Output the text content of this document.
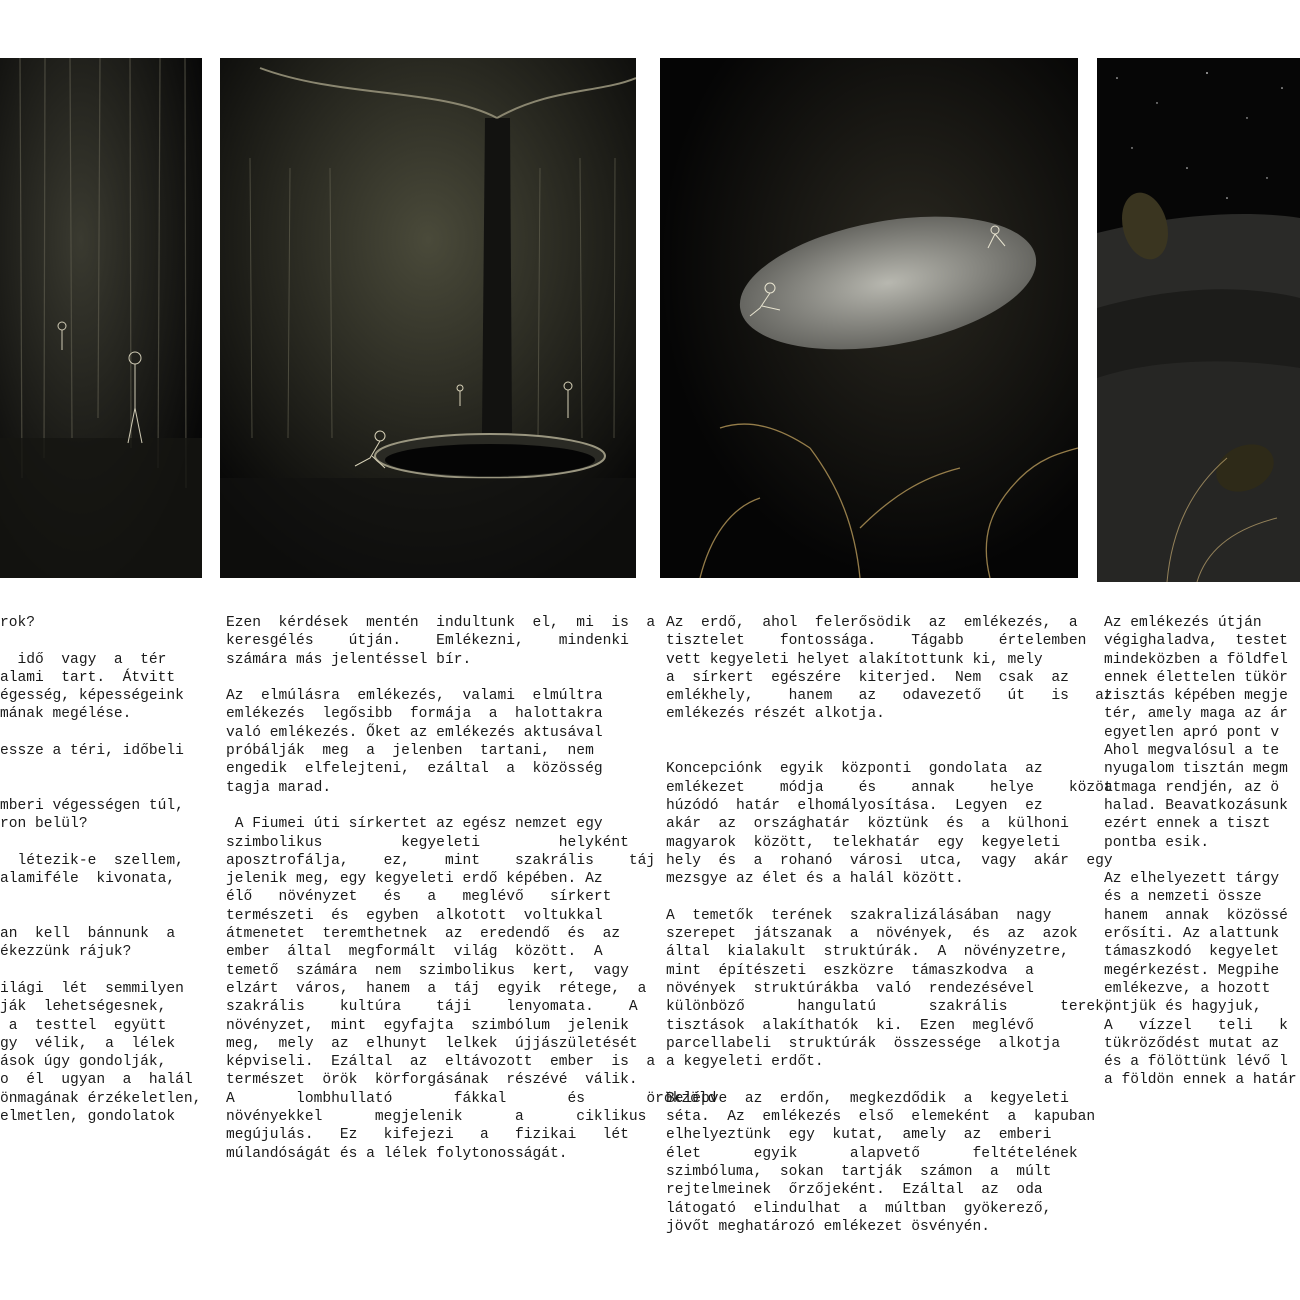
rok?

idő  vagy  a  tér

alami  tart.  Átvitt

égesség, képességeink

mának megélése.

essze a téri, időbeli

mberi végességen túl,

ron belül?

létezik-e  szellem,

alamiféle  kivonata,

an  kell  bánnunk  a

ékezzünk rájuk?

ilági  lét  semmilyen

ják  lehetségesnek,

a  testtel  együtt

gy  vélik,  a  lélek

ások úgy gondolják,

o  él  ugyan  a  halál

önmagának érzékeletlen,

elmetlen, gondolatok

Ezen  kérdések  mentén  indultunk  el,  mi  is  a

keresgélés    útján.    Emlékezni,    mindenki

számára más jelentéssel bír.

Az  elmúlásra  emlékezés,  valami  elmúltra

emlékezés  legősibb  formája  a  halottakra

való emlékezés. Őket az emlékezés aktusával

próbálják  meg  a  jelenben  tartani,  nem

engedik  elfelejteni,  ezáltal  a  közösség

tagja marad.

A Fiumei úti sírkertet az egész nemzet egy

szimbolikus         kegyeleti         helyként

aposztrofálja,    ez,    mint    szakrális    táj

jelenik meg, egy kegyeleti erdő képében. Az

élő   növényzet   és   a   meglévő   sírkert

természeti  és  egyben  alkotott  voltukkal

átmenetet  teremthetnek  az  eredendő  és  az

ember  által  megformált  világ  között.  A

temető  számára  nem  szimbolikus  kert,  vagy

elzárt  város,  hanem  a  táj  egyik  rétege,  a

szakrális    kultúra    táji    lenyomata.    A

növényzet,  mint  egyfajta  szimbólum  jelenik

meg,  mely  az  elhunyt  lelkek  újjászületését

képviseli.  Ezáltal  az  eltávozott  ember  is  a

természet  örök  körforgásának  részévé  válik.

A       lombhullató       fákkal       és       örökzöld

növényekkel      megjelenik      a      ciklikus

megújulás.   Ez   kifejezi   a   fizikai   lét

múlandóságát és a lélek folytonosságát.

Az  erdő,  ahol  felerősödik  az  emlékezés,  a

tisztelet    fontossága.    Tágabb    értelemben

vett kegyeleti helyet alakítottunk ki, mely

a  sírkert  egészére  kiterjed.  Nem  csak  az

emlékhely,    hanem   az   odavezető   út   is   az

emlékezés részét alkotja.

Koncepciónk  egyik  központi  gondolata  az

emlékezet    módja    és    annak    helye    között

húzódó  határ  elhomályosítása.  Legyen  ez

akár  az  országhatár  köztünk  és  a  külhoni

magyarok  között,  telekhatár  egy  kegyeleti

hely  és  a  rohanó  városi  utca,  vagy  akár  egy

mezsgye az élet és a halál között.

A  temetők  terének  szakralizálásában  nagy

szerepet  játszanak  a  növények,  és  az  azok

által  kialakult  struktúrák.  A  növényzetre,

mint  építészeti  eszközre  támaszkodva  a

növények  struktúrákba  való  rendezésével

különböző      hangulatú      szakrális      terek,

tisztások  alakíthatók  ki.  Ezen  meglévő

parcellabeli  struktúrák  összessége  alkotja

a kegyeleti erdőt.

Belépve  az  erdőn,  megkezdődik  a  kegyeleti

séta.  Az  emlékezés  első  elemeként  a  kapuban

elhelyeztünk  egy  kutat,  amely  az  emberi

élet      egyik      alapvető      feltételének

szimbóluma,  sokan  tartják  számon  a  múlt

rejtelmeinek  őrzőjeként.  Ezáltal  az  oda

látogató  elindulhat  a  múltban  gyökerező,

jövőt meghatározó emlékezet ösvényén.

Az emlékezés útján

végighaladva,  testet

mindeközben a földfel

ennek élettelen tükör

tisztás képében megje

tér, amely maga az ár

egyetlen apró pont v

Ahol megvalósul a te

nyugalom tisztán megm

a maga rendjén, az ö

halad. Beavatkozásunk

ezért ennek a tiszt

pontba esik.

Az elhelyezett tárgy

és a nemzeti össze

hanem  annak  közössé

erősíti. Az alattunk

támaszkodó  kegyelet

megérkezést. Megpihe

emlékezve, a hozott

öntjük és hagyjuk,

A   vízzel   teli   k

tükröződést mutat az

és a fölöttünk lévő l

a földön ennek a határ
